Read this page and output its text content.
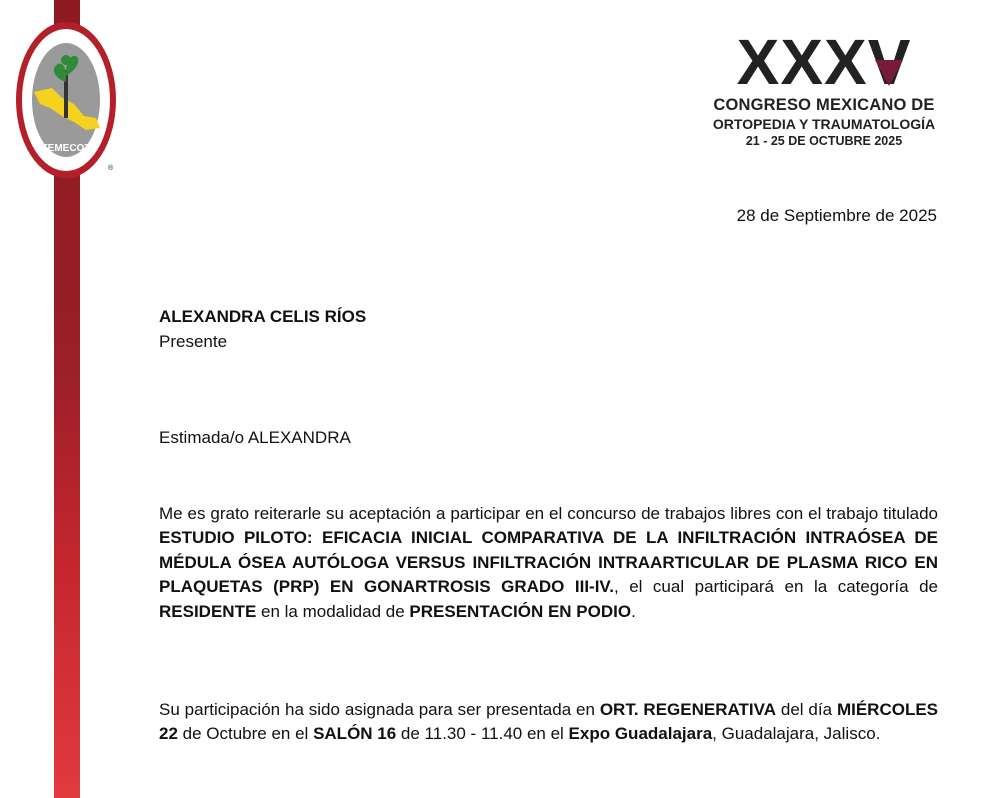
FEMECOT
®
XXXV
CONGRESO MEXICANO DE
ORTOPEDIA Y TRAUMATOLOGÍA
21 - 25 DE OCTUBRE 2025
28 de Septiembre de 2025
ALEXANDRA CELIS RÍOS
Presente
Estimada/o ALEXANDRA
Me es grato reiterarle su aceptación a participar en el concurso de trabajos libres con el trabajo titulado ESTUDIO PILOTO: EFICACIA INICIAL COMPARATIVA DE LA INFILTRACIÓN INTRAÓSEA DE MÉDULA ÓSEA AUTÓLOGA VERSUS INFILTRACIÓN INTRAARTICULAR DE PLASMA RICO EN PLAQUETAS (PRP) EN GONARTROSIS GRADO III-IV., el cual participará en la categoría de RESIDENTE en la modalidad de PRESENTACIÓN EN PODIO.
Su participación ha sido asignada para ser presentada en ORT. REGENERATIVA del día MIÉRCOLES 22 de Octubre en el SALÓN 16 de 11.30 - 11.40 en el Expo Guadalajara, Guadalajara, Jalisco.
